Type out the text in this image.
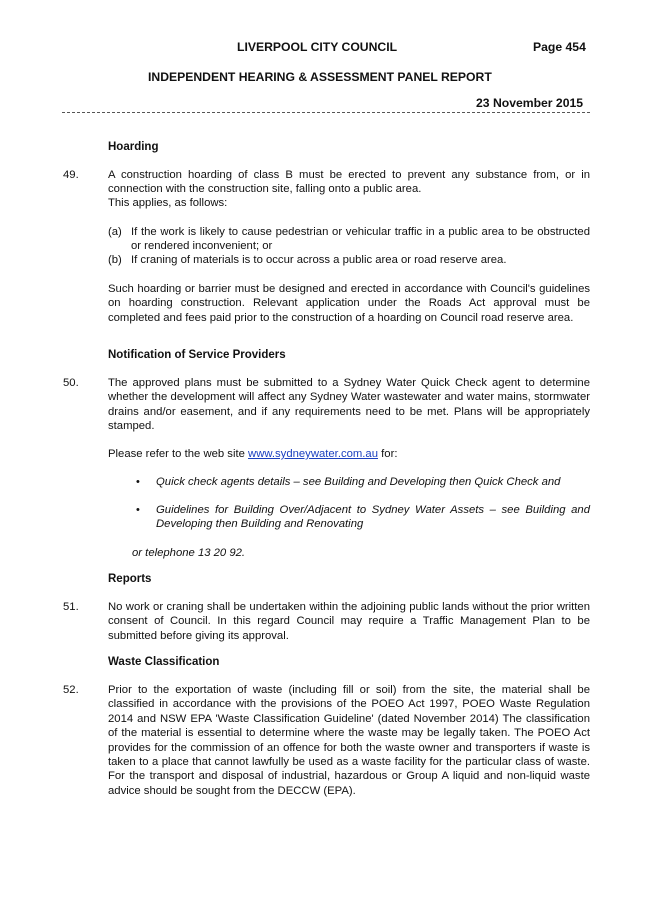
LIVERPOOL CITY COUNCIL	Page 454
INDEPENDENT HEARING & ASSESSMENT PANEL REPORT
23 November 2015
Hoarding
49.	A construction hoarding of class B must be erected to prevent any substance from, or in connection with the construction site, falling onto a public area.
This applies, as follows:
(a) If the work is likely to cause pedestrian or vehicular traffic in a public area to be obstructed or rendered inconvenient; or
(b) If craning of materials is to occur across a public area or road reserve area.
Such hoarding or barrier must be designed and erected in accordance with Council's guidelines on hoarding construction. Relevant application under the Roads Act approval must be completed and fees paid prior to the construction of a hoarding on Council road reserve area.
Notification of Service Providers
50.	The approved plans must be submitted to a Sydney Water Quick Check agent to determine whether the development will affect any Sydney Water wastewater and water mains, stormwater drains and/or easement, and if any requirements need to be met. Plans will be appropriately stamped.
Please refer to the web site www.sydneywater.com.au for:
• Quick check agents details – see Building and Developing then Quick Check and
• Guidelines for Building Over/Adjacent to Sydney Water Assets – see Building and Developing then Building and Renovating
or telephone 13 20 92.
Reports
51.	No work or craning shall be undertaken within the adjoining public lands without the prior written consent of Council. In this regard Council may require a Traffic Management Plan to be submitted before giving its approval.
Waste Classification
52.	Prior to the exportation of waste (including fill or soil) from the site, the material shall be classified in accordance with the provisions of the POEO Act 1997, POEO Waste Regulation 2014 and NSW EPA 'Waste Classification Guideline' (dated November 2014) The classification of the material is essential to determine where the waste may be legally taken. The POEO Act provides for the commission of an offence for both the waste owner and transporters if waste is taken to a place that cannot lawfully be used as a waste facility for the particular class of waste. For the transport and disposal of industrial, hazardous or Group A liquid and non-liquid waste advice should be sought from the DECCW (EPA).
